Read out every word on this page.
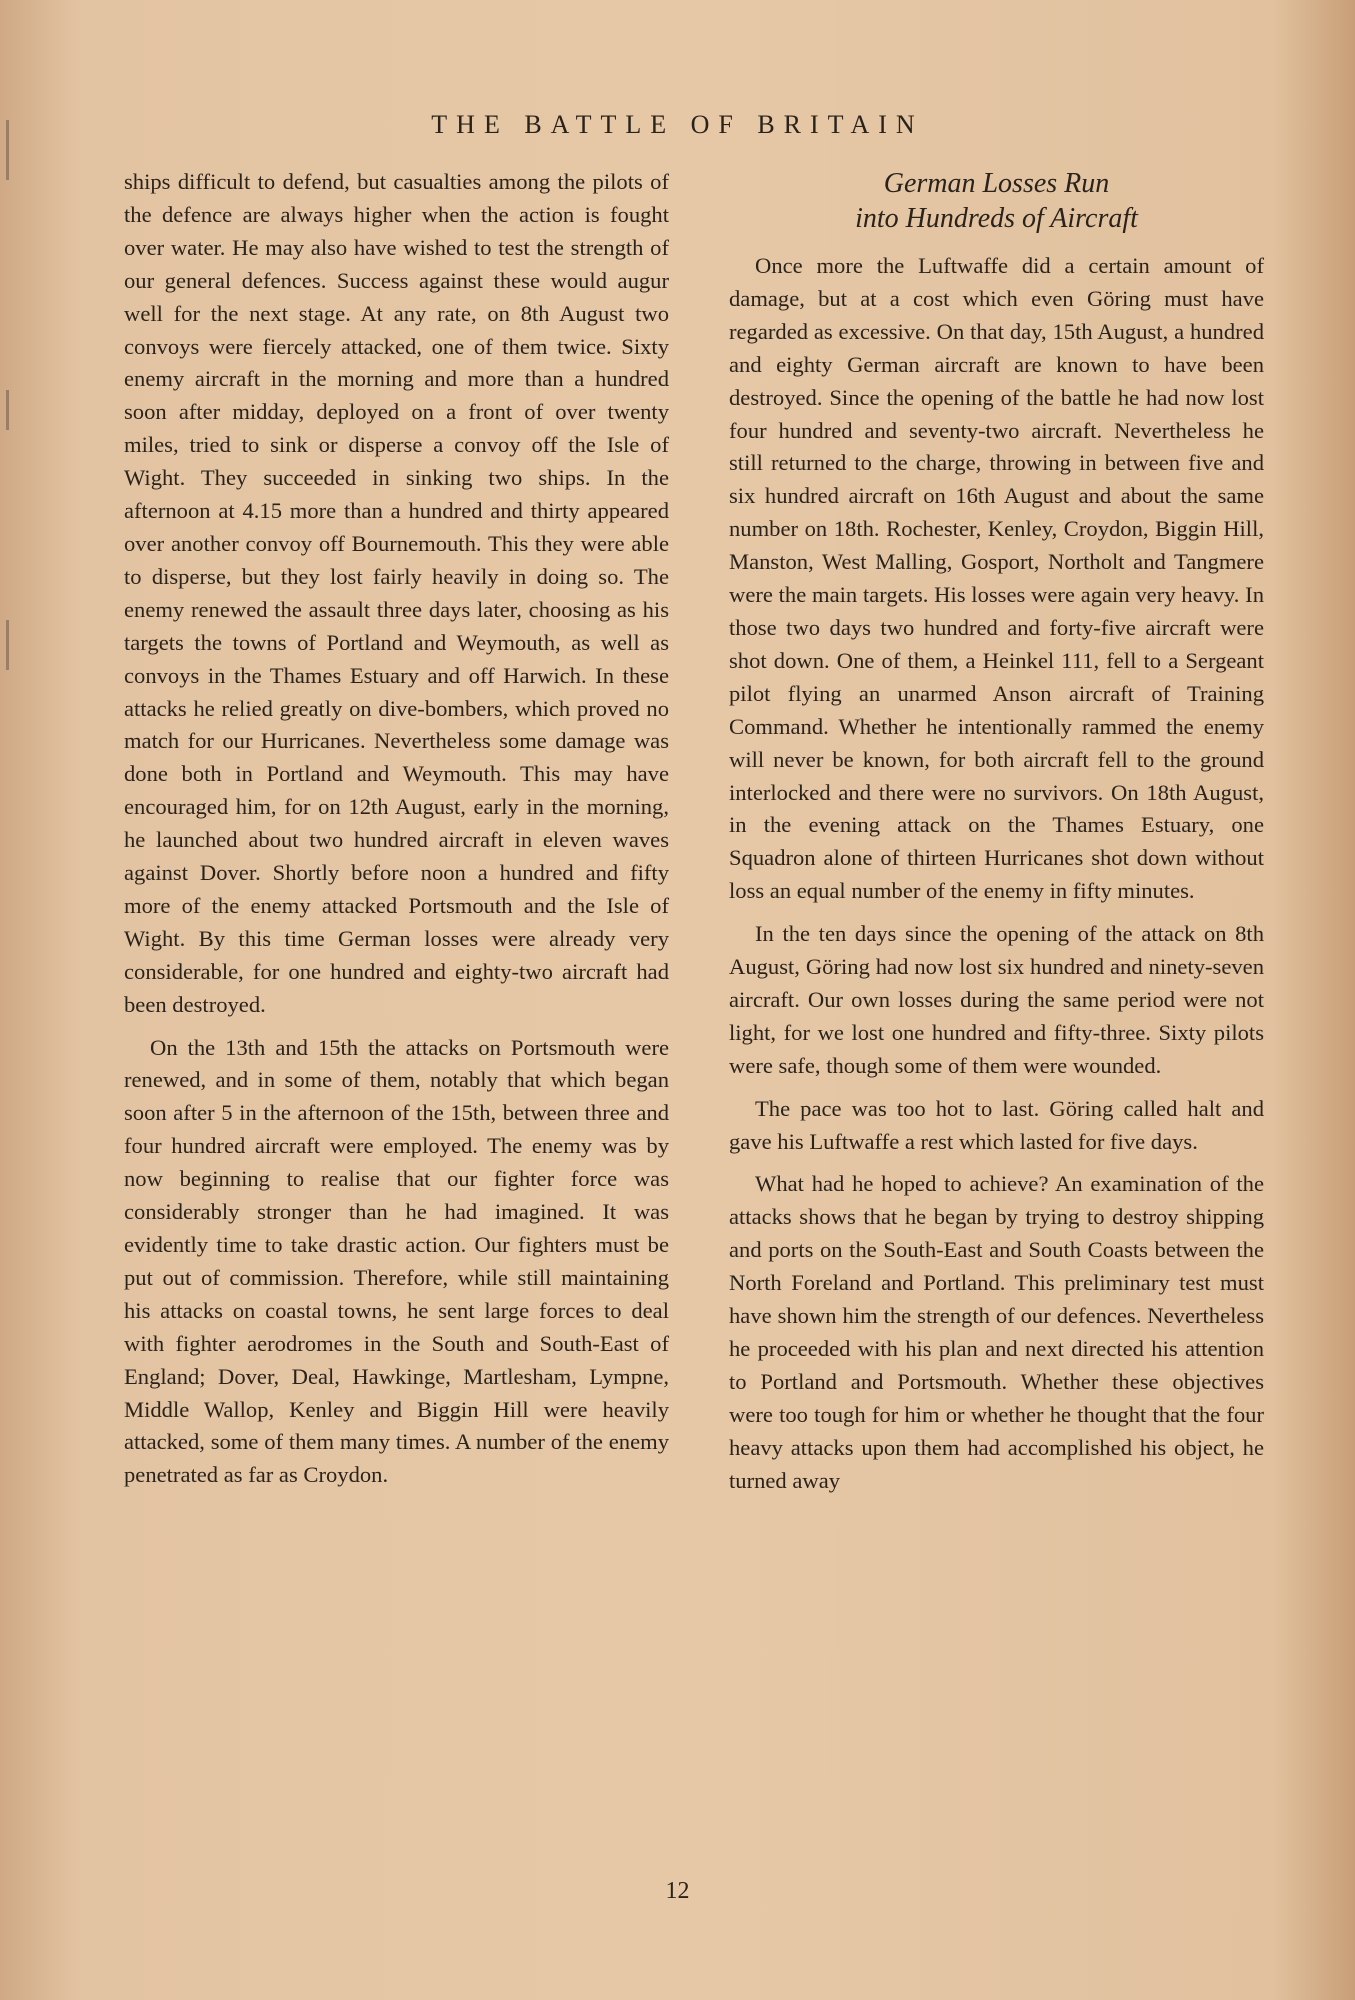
THE BATTLE OF BRITAIN

ships difficult to defend, but casualties among the pilots of the defence are always higher when the action is fought over water. He may also have wished to test the strength of our general defences. Success against these would augur well for the next stage. At any rate, on 8th August two convoys were fiercely attacked, one of them twice. Sixty enemy aircraft in the morning and more than a hundred soon after midday, deployed on a front of over twenty miles, tried to sink or disperse a convoy off the Isle of Wight. They succeeded in sinking two ships. In the afternoon at 4.15 more than a hundred and thirty appeared over another convoy off Bournemouth. This they were able to disperse, but they lost fairly heavily in doing so. The enemy renewed the assault three days later, choosing as his targets the towns of Portland and Weymouth, as well as convoys in the Thames Estuary and off Harwich. In these attacks he relied greatly on dive-bombers, which proved no match for our Hurricanes. Nevertheless some damage was done both in Portland and Weymouth. This may have encouraged him, for on 12th August, early in the morning, he launched about two hundred aircraft in eleven waves against Dover. Shortly before noon a hundred and fifty more of the enemy attacked Portsmouth and the Isle of Wight. By this time German losses were already very considerable, for one hundred and eighty-two aircraft had been destroyed.

On the 13th and 15th the attacks on Portsmouth were renewed, and in some of them, notably that which began soon after 5 in the afternoon of the 15th, between three and four hundred aircraft were employed. The enemy was by now beginning to realise that our fighter force was considerably stronger than he had imagined. It was evidently time to take drastic action. Our fighters must be put out of commission. Therefore, while still maintaining his attacks on coastal towns, he sent large forces to deal with fighter aerodromes in the South and South-East of England; Dover, Deal, Hawkinge, Martlesham, Lympne, Middle Wallop, Kenley and Biggin Hill were heavily attacked, some of them many times. A number of the enemy penetrated as far as Croydon.

German Losses Run
into Hundreds of Aircraft

Once more the Luftwaffe did a certain amount of damage, but at a cost which even Göring must have regarded as excessive. On that day, 15th August, a hundred and eighty German aircraft are known to have been destroyed. Since the opening of the battle he had now lost four hundred and seventy-two aircraft. Nevertheless he still returned to the charge, throwing in between five and six hundred aircraft on 16th August and about the same number on 18th. Rochester, Kenley, Croydon, Biggin Hill, Manston, West Malling, Gosport, Northolt and Tangmere were the main targets. His losses were again very heavy. In those two days two hundred and forty-five aircraft were shot down. One of them, a Heinkel 111, fell to a Sergeant pilot flying an unarmed Anson aircraft of Training Command. Whether he intentionally rammed the enemy will never be known, for both aircraft fell to the ground interlocked and there were no survivors. On 18th August, in the evening attack on the Thames Estuary, one Squadron alone of thirteen Hurricanes shot down without loss an equal number of the enemy in fifty minutes.

In the ten days since the opening of the attack on 8th August, Göring had now lost six hundred and ninety-seven aircraft. Our own losses during the same period were not light, for we lost one hundred and fifty-three. Sixty pilots were safe, though some of them were wounded.

The pace was too hot to last. Göring called halt and gave his Luftwaffe a rest which lasted for five days.

What had he hoped to achieve? An examination of the attacks shows that he began by trying to destroy shipping and ports on the South-East and South Coasts between the North Foreland and Portland. This preliminary test must have shown him the strength of our defences. Nevertheless he proceeded with his plan and next directed his attention to Portland and Portsmouth. Whether these objectives were too tough for him or whether he thought that the four heavy attacks upon them had accomplished his object, he turned away

12
